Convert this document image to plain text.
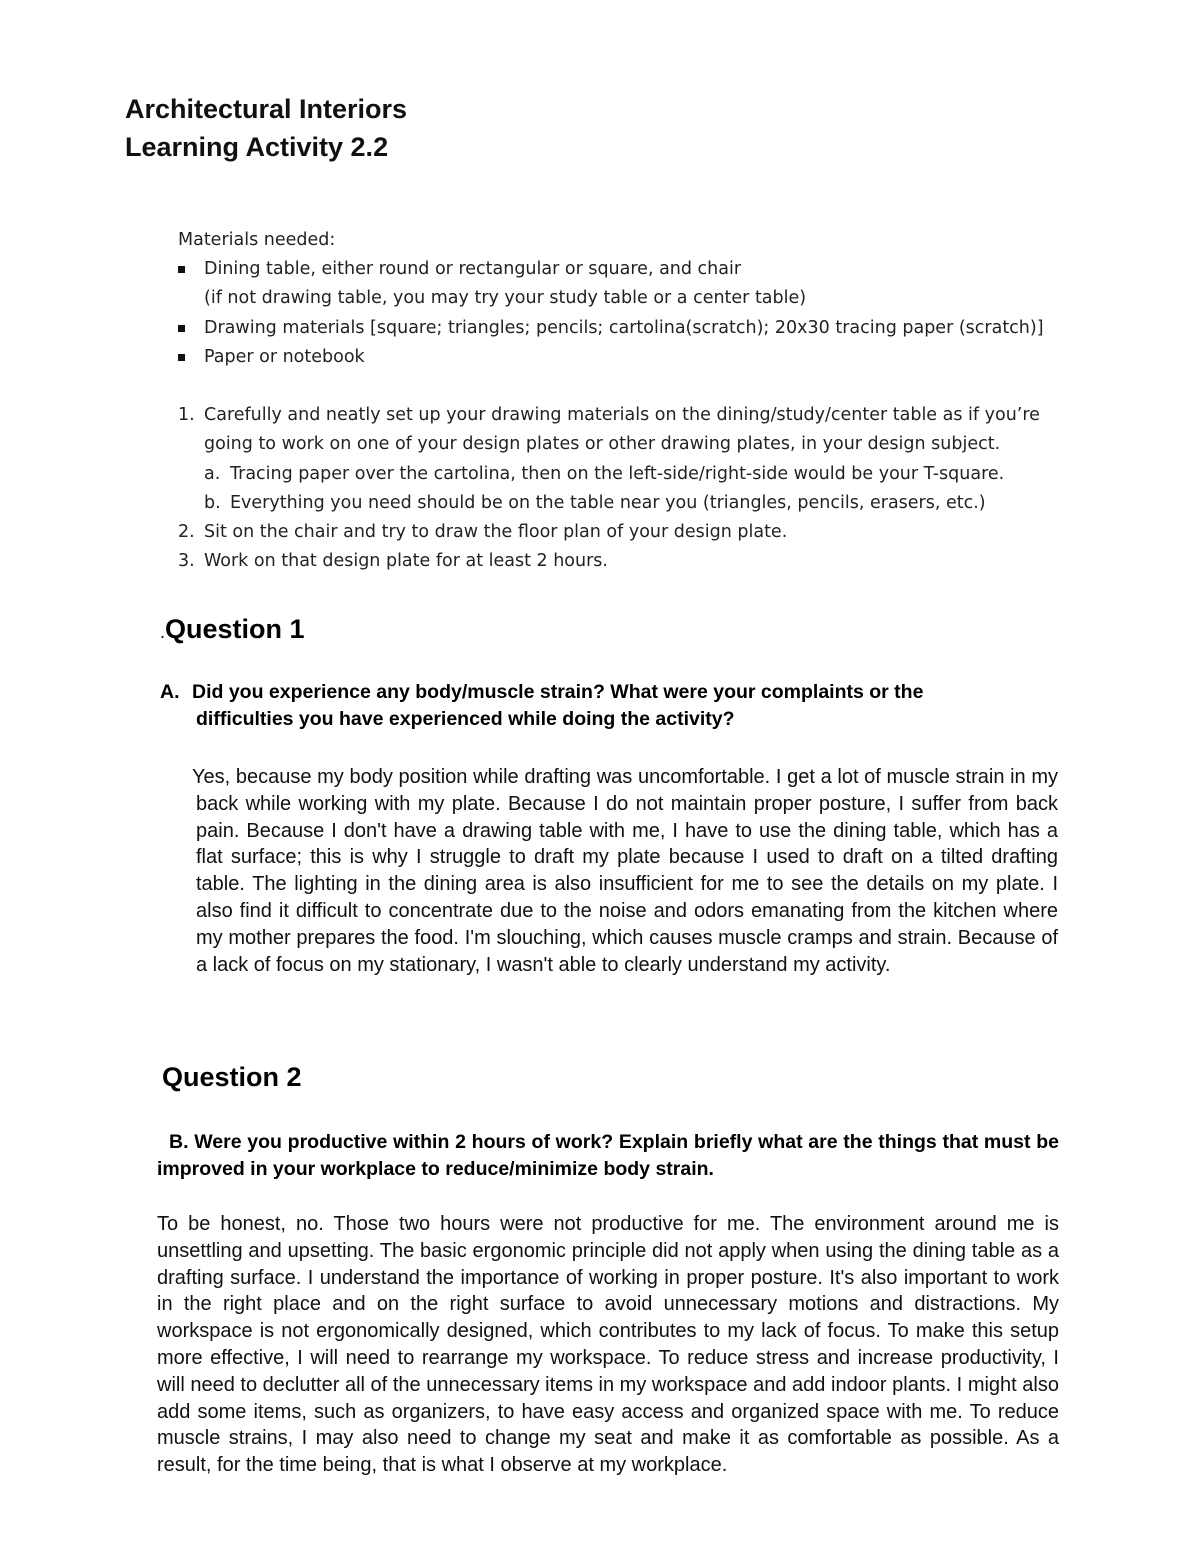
Architectural Interiors
Learning Activity 2.2
Materials needed:
Dining table, either round or rectangular or square, and chair
(if not drawing table, you may try your study table or a center table)
Drawing materials [square; triangles; pencils; cartolina(scratch); 20x30 tracing paper (scratch)]
Paper or notebook
1. Carefully and neatly set up your drawing materials on the dining/study/center table as if you’re
going to work on one of your design plates or other drawing plates, in your design subject.
a. Tracing paper over the cartolina, then on the left-side/right-side would be your T-square.
b. Everything you need should be on the table near you (triangles, pencils, erasers, etc.)
2. Sit on the chair and try to draw the floor plan of your design plate.
3. Work on that design plate for at least 2 hours.
.Question 1
A. Did you experience any body/muscle strain? What were your complaints or the
difficulties you have experienced while doing the activity?
Yes, because my body position while drafting was uncomfortable. I get a lot of muscle strain in my back while working with my plate. Because I do not maintain proper posture, I suffer from back pain. Because I don't have a drawing table with me, I have to use the dining table, which has a flat surface; this is why I struggle to draft my plate because I used to draft on a tilted drafting table. The lighting in the dining area is also insufficient for me to see the details on my plate. I also find it difficult to concentrate due to the noise and odors emanating from the kitchen where my mother prepares the food. I'm slouching, which causes muscle cramps and strain. Because of a lack of focus on my stationary, I wasn't able to clearly understand my activity.
Question 2
B. Were you productive within 2 hours of work? Explain briefly what are the things that must be improved in your workplace to reduce/minimize body strain.
To be honest, no. Those two hours were not productive for me. The environment around me is unsettling and upsetting. The basic ergonomic principle did not apply when using the dining table as a drafting surface. I understand the importance of working in proper posture. It's also important to work in the right place and on the right surface to avoid unnecessary motions and distractions. My workspace is not ergonomically designed, which contributes to my lack of focus. To make this setup more effective, I will need to rearrange my workspace. To reduce stress and increase productivity, I will need to declutter all of the unnecessary items in my workspace and add indoor plants. I might also add some items, such as organizers, to have easy access and organized space with me. To reduce muscle strains, I may also need to change my seat and make it as comfortable as possible. As a result, for the time being, that is what I observe at my workplace.
